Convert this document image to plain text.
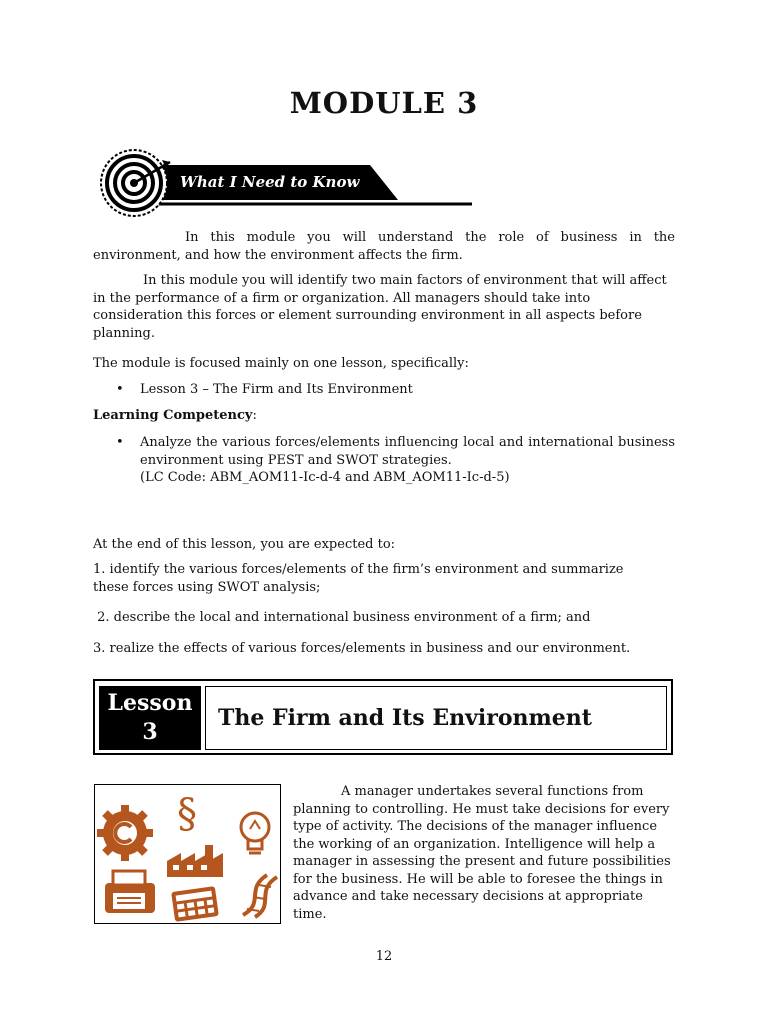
MODULE 3
What I Need to Know

In this module you will understand the role of business in the environment, and how the environment affects the firm.

In this module you will identify two main factors of environment that will affect in the performance of a firm or organization. All managers should take into consideration this forces or element surrounding environment in all aspects before planning.

The module is focused mainly on one lesson, specifically:

•	Lesson 3 – The Firm and Its Environment
Learning Competency:
•	Analyze the various forces/elements influencing local and international business environment using PEST and SWOT strategies.
(LC Code: ABM_AOM11-Ic-d-4 and ABM_AOM11-Ic-d-5)

At the end of this lesson, you are expected to:

1. identify the various forces/elements of the firm’s environment and summarize these forces using SWOT analysis;

2. describe the local and international business environment of a firm; and

3. realize the effects of various forces/elements in business and our environment.

Lesson
3
The Firm and Its Environment
§	A manager undertakes several functions from planning to controlling. He must take decisions for every type of activity. The decisions of the manager influence the working of an organization. Intelligence will help a manager in assessing the present and future possibilities for the business. He will be able to foresee the things in advance and take necessary decisions at appropriate time.

12
